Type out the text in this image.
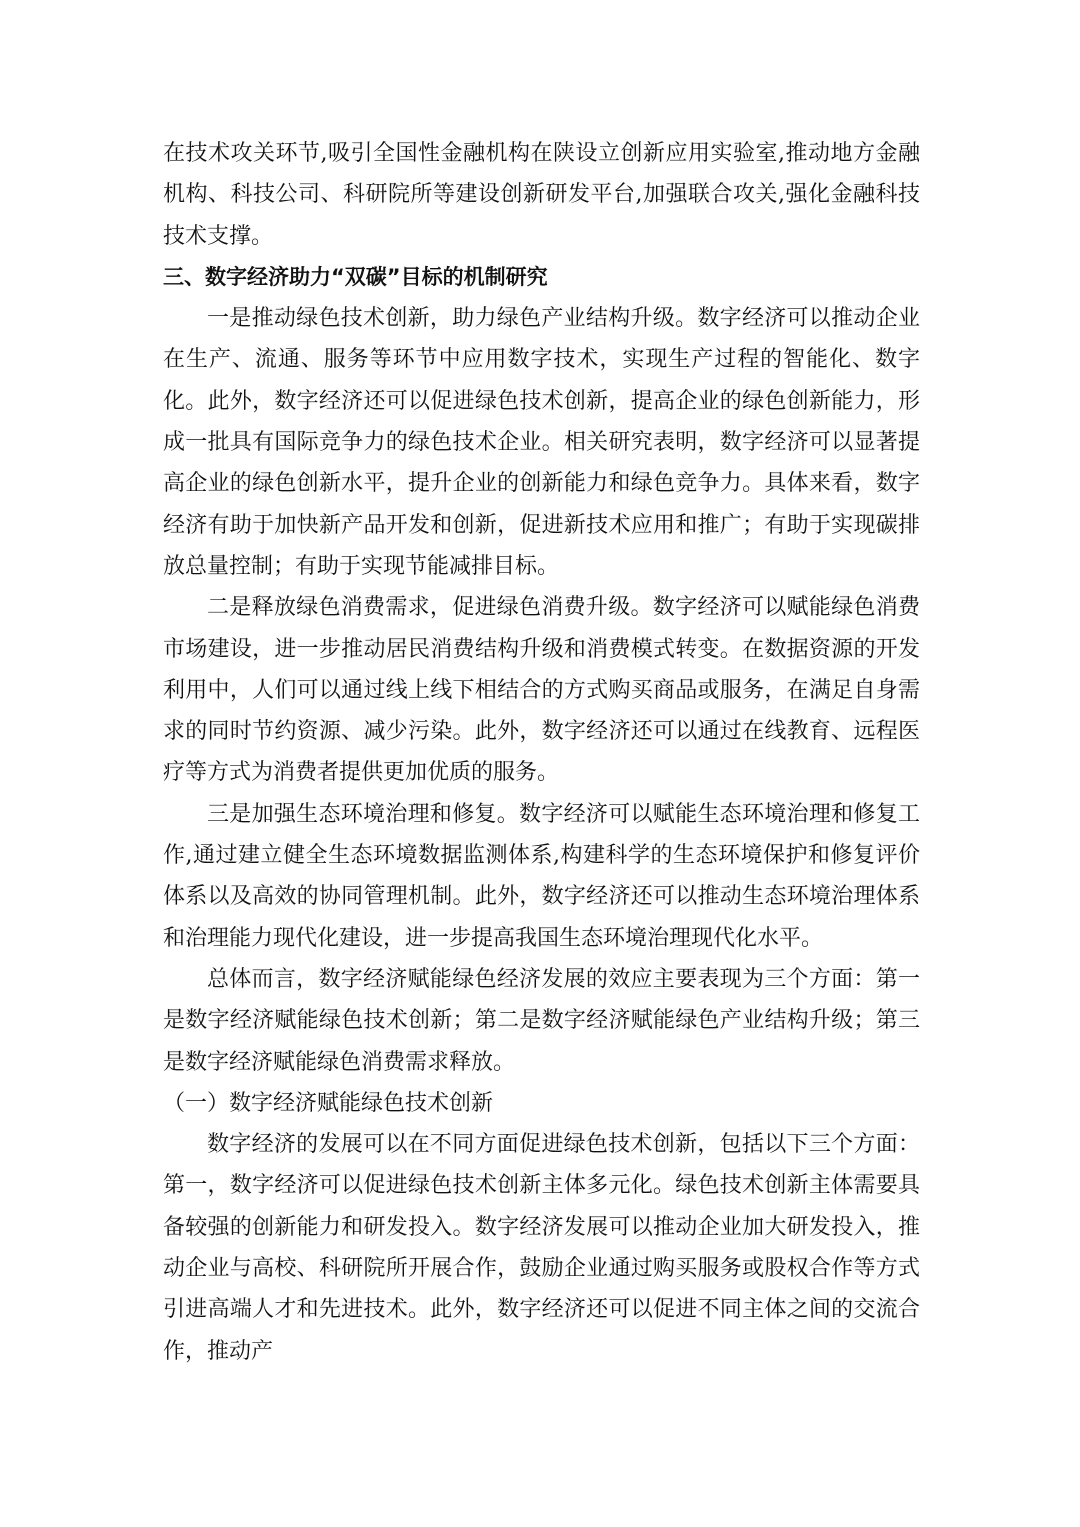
在技术攻关环节,吸引全国性金融机构在陕设立创新应用实验室,推动地方金融机构、科技公司、科研院所等建设创新研发平台,加强联合攻关,强化金融科技技术支撑。

三、数字经济助力“双碳”目标的机制研究

一是推动绿色技术创新，助力绿色产业结构升级。数字经济可以推动企业在生产、流通、服务等环节中应用数字技术，实现生产过程的智能化、数字化。此外，数字经济还可以促进绿色技术创新，提高企业的绿色创新能力，形成一批具有国际竞争力的绿色技术企业。相关研究表明，数字经济可以显著提高企业的绿色创新水平，提升企业的创新能力和绿色竞争力。具体来看，数字经济有助于加快新产品开发和创新，促进新技术应用和推广；有助于实现碳排放总量控制；有助于实现节能减排目标。

二是释放绿色消费需求，促进绿色消费升级。数字经济可以赋能绿色消费市场建设，进一步推动居民消费结构升级和消费模式转变。在数据资源的开发利用中，人们可以通过线上线下相结合的方式购买商品或服务，在满足自身需求的同时节约资源、减少污染。此外，数字经济还可以通过在线教育、远程医疗等方式为消费者提供更加优质的服务。

三是加强生态环境治理和修复。数字经济可以赋能生态环境治理和修复工作,通过建立健全生态环境数据监测体系,构建科学的生态环境保护和修复评价体系以及高效的协同管理机制。此外，数字经济还可以推动生态环境治理体系和治理能力现代化建设，进一步提高我国生态环境治理现代化水平。

总体而言，数字经济赋能绿色经济发展的效应主要表现为三个方面：第一是数字经济赋能绿色技术创新；第二是数字经济赋能绿色产业结构升级；第三是数字经济赋能绿色消费需求释放。

（一）数字经济赋能绿色技术创新

数字经济的发展可以在不同方面促进绿色技术创新，包括以下三个方面：第一，数字经济可以促进绿色技术创新主体多元化。绿色技术创新主体需要具备较强的创新能力和研发投入。数字经济发展可以推动企业加大研发投入，推动企业与高校、科研院所开展合作，鼓励企业通过购买服务或股权合作等方式引进高端人才和先进技术。此外，数字经济还可以促进不同主体之间的交流合作，推动产
